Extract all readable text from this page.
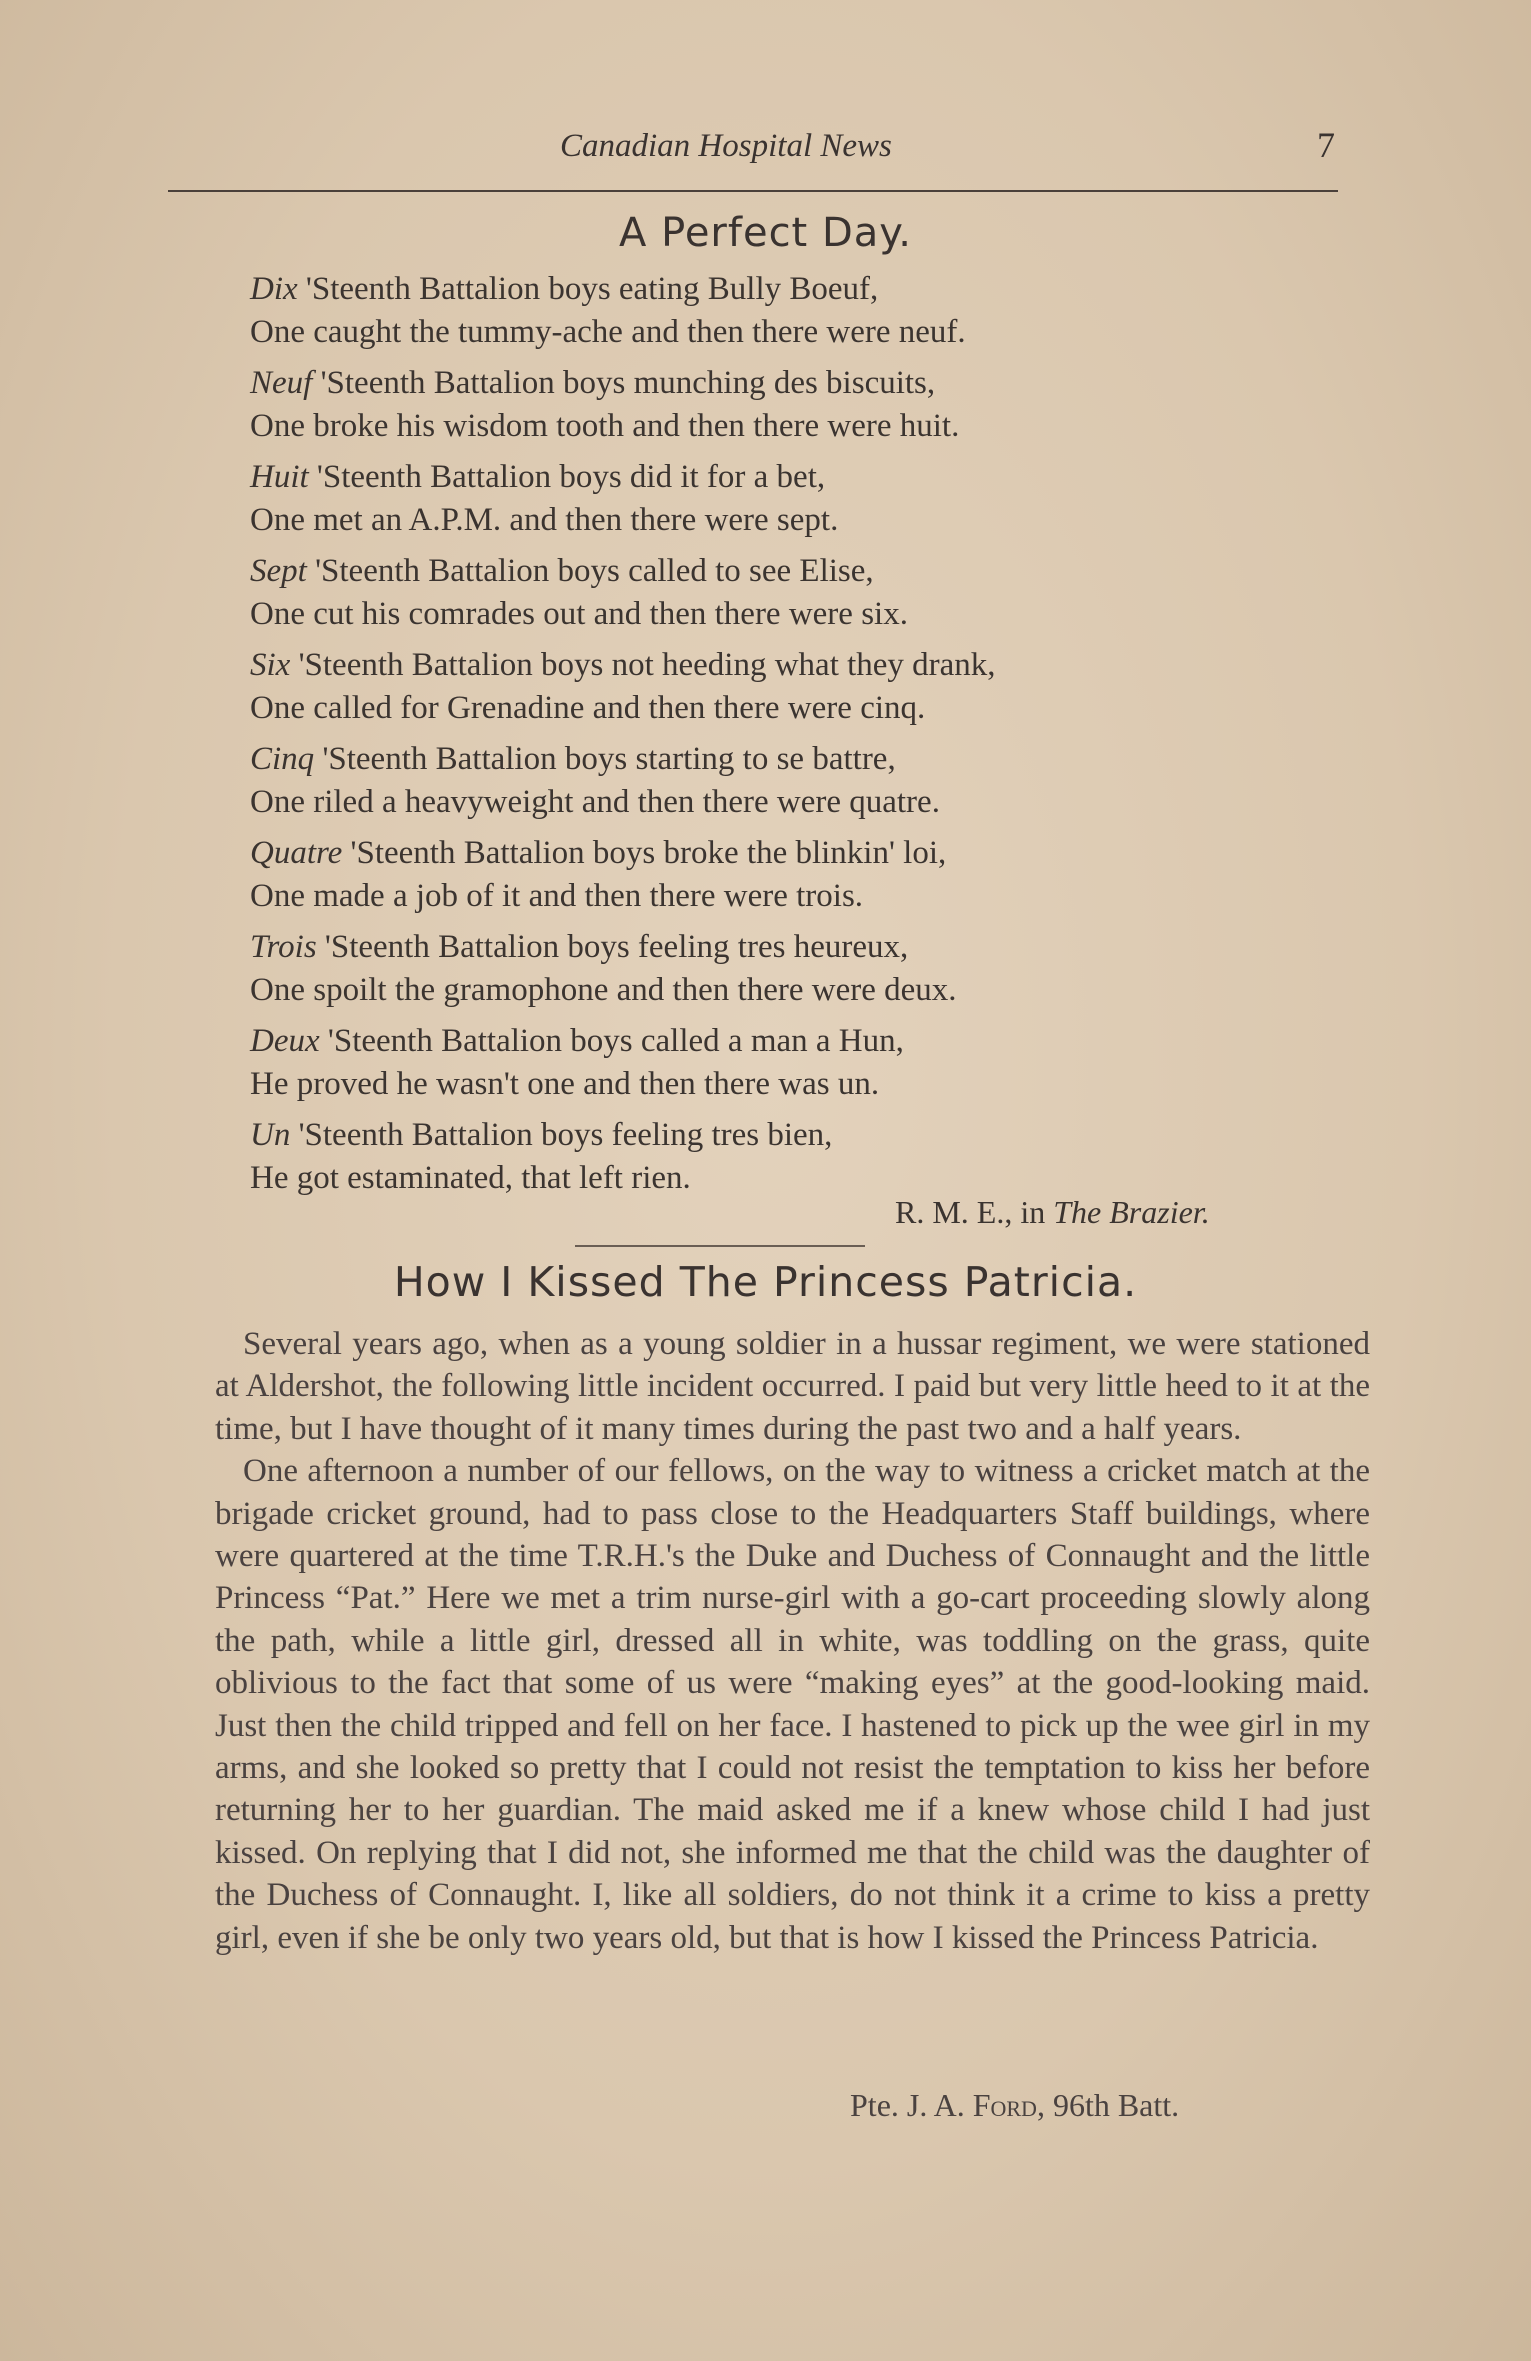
Canadian Hospital News	7
A Perfect Day.
Dix 'Steenth Battalion boys eating Bully Boeuf,
One caught the tummy-ache and then there were neuf.
Neuf 'Steenth Battalion boys munching des biscuits,
One broke his wisdom tooth and then there were huit.
Huit 'Steenth Battalion boys did it for a bet,
One met an A.P.M. and then there were sept.
Sept 'Steenth Battalion boys called to see Elise,
One cut his comrades out and then there were six.
Six 'Steenth Battalion boys not heeding what they drank,
One called for Grenadine and then there were cinq.
Cinq 'Steenth Battalion boys starting to se battre,
One riled a heavyweight and then there were quatre.
Quatre 'Steenth Battalion boys broke the blinkin' loi,
One made a job of it and then there were trois.
Trois 'Steenth Battalion boys feeling tres heureux,
One spoilt the gramophone and then there were deux.
Deux 'Steenth Battalion boys called a man a Hun,
He proved he wasn't one and then there was un.
Un 'Steenth Battalion boys feeling tres bien,
He got estaminated, that left rien.
R. M. E., in The Brazier.
How I Kissed The Princess Patricia.

Several years ago, when as a young soldier in a hussar regiment, we were stationed at Aldershot, the following little incident occurred. I paid but very little heed to it at the time, but I have thought of it many times during the past two and a half years.

One afternoon a number of our fellows, on the way to witness a cricket match at the brigade cricket ground, had to pass close to the Headquarters Staff buildings, where were quartered at the time T.R.H.'s the Duke and Duchess of Connaught and the little Princess “Pat.” Here we met a trim nurse-girl with a go-cart proceeding slowly along the path, while a little girl, dressed all in white, was toddling on the grass, quite oblivious to the fact that some of us were “making eyes” at the good-looking maid. Just then the child tripped and fell on her face. I hastened to pick up the wee girl in my arms, and she looked so pretty that I could not resist the temptation to kiss her before returning her to her guardian. The maid asked me if a knew whose child I had just kissed. On replying that I did not, she informed me that the child was the daughter of the Duchess of Connaught. I, like all soldiers, do not think it a crime to kiss a pretty girl, even if she be only two years old, but that is how I kissed the Princess Patricia.

Pte. J. A. Ford, 96th Batt.
